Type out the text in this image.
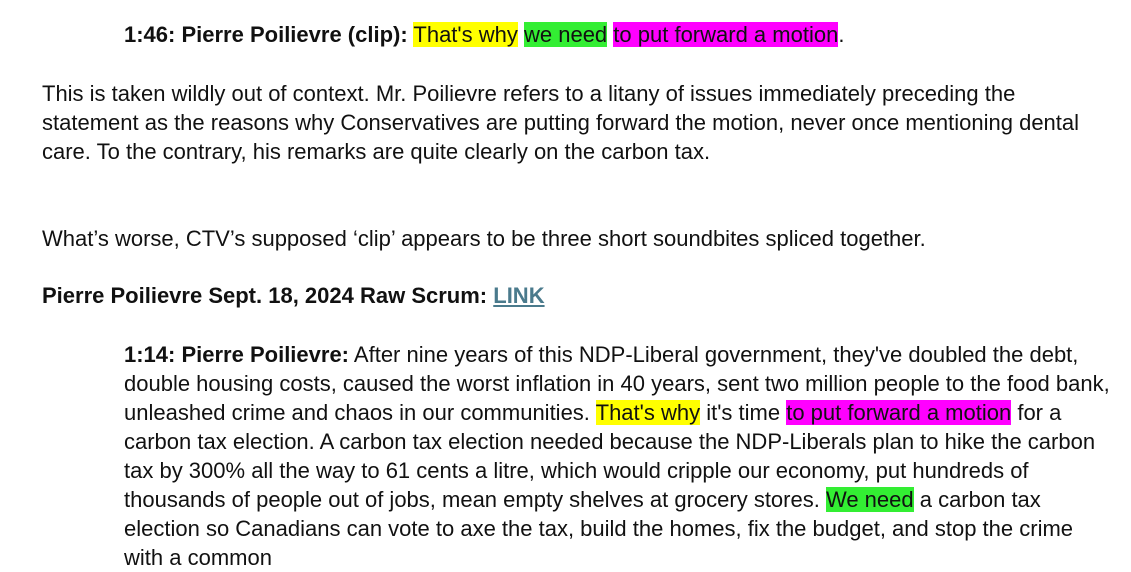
1:46: Pierre Poilievre (clip): That's why we need to put forward a motion.

This is taken wildly out of context. Mr. Poilievre refers to a litany of issues immediately preceding the statement as the reasons why Conservatives are putting forward the motion, never once mentioning dental care. To the contrary, his remarks are quite clearly on the carbon tax.

What’s worse, CTV’s supposed ‘clip’ appears to be three short soundbites spliced together.

Pierre Poilievre Sept. 18, 2024 Raw Scrum: LINK

1:14: Pierre Poilievre: After nine years of this NDP-Liberal government, they've doubled the debt, double housing costs, caused the worst inflation in 40 years, sent two million people to the food bank, unleashed crime and chaos in our communities. That's why it's time to put forward a motion for a carbon tax election. A carbon tax election needed because the NDP-Liberals plan to hike the carbon tax by 300% all the way to 61 cents a litre, which would cripple our economy, put hundreds of thousands of people out of jobs, mean empty shelves at grocery stores. We need a carbon tax election so Canadians can vote to axe the tax, build the homes, fix the budget, and stop the crime with a common
